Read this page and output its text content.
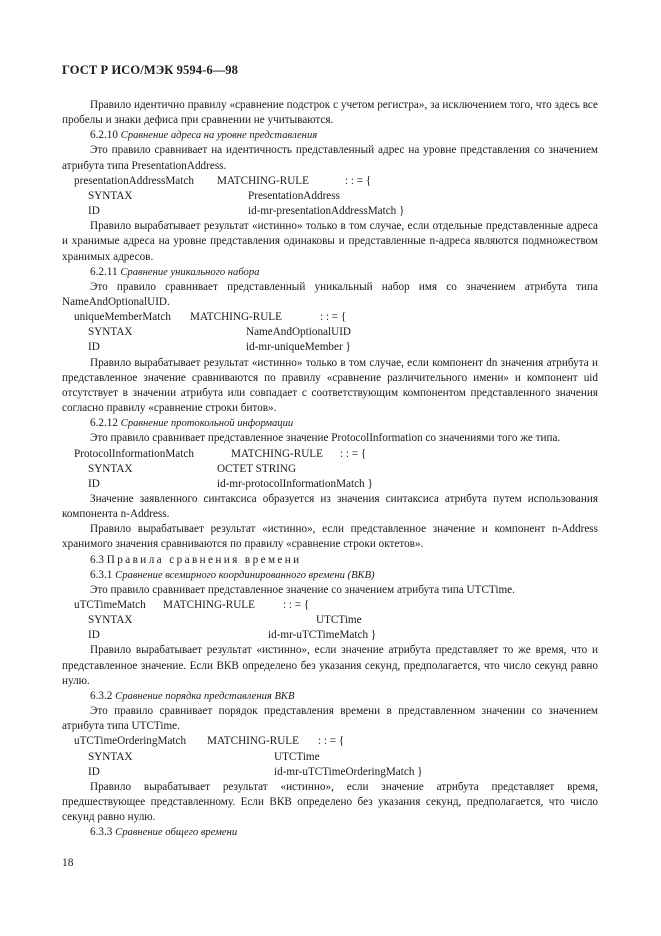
ГОСТ Р ИСО/МЭК 9594-6—98

Правило идентично правилу «сравнение подстрок с учетом регистра», за исключением того, что здесь все пробелы и знаки дефиса при сравнении не учитываются.

6.2.10 Сравнение адреса на уровне представления

Это правило сравнивает на идентичность представленный адрес на уровне представления со значением атрибута типа PresentationAddress.

presentationAddressMatch MATCHING-RULE	: : = {
SYNTAX	PresentationAddress
ID	id-mr-presentationAddressMatch }

Правило вырабатывает результат «истинно» только в том случае, если отдельные представленные адреса и хранимые адреса на уровне представления одинаковы и представленные n-адреса являются подмножеством хранимых адресов.

6.2.11 Сравнение уникального набора

Это правило сравнивает представленный уникальный набор имя со значением атрибута типа NameAndOptionalUID.

uniqueMemberMatch MATCHING-RULE	: : = {
SYNTAX	NameAndOptionalUID
ID	id-mr-uniqueMember }

Правило вырабатывает результат «истинно» только в том случае, если компонент dn значения атрибута и представленное значение сравниваются по правилу «сравнение различительного имени» и компонент uid отсутствует в значении атрибута или совпадает с соответствующим компонентом представленного значения согласно правилу «сравнение строки битов».

6.2.12 Сравнение протокольной информации

Это правило сравнивает представленное значение ProtocolInformation со значениями того же типа.

ProtocolInformationMatch	MATCHING-RULE : : = {
SYNTAX	OCTET STRING
ID	id-mr-protocolInformationMatch }

Значение заявленного синтаксиса образуется из значения синтаксиса атрибута путем использования компонента n-Address.

Правило вырабатывает результат «истинно», если представленное значение и компонент n-Address хранимого значения сравниваются по правилу «сравнение строки октетов».

6.3 Правила сравнения времени

6.3.1 Сравнение всемирного координированного времени (ВКВ)

Это правило сравнивает представленное значение со значением атрибута типа UTCTime.

uTCTimeMatch MATCHING-RULE	: : = {
SYNTAX	UTCTime
ID	id-mr-uTCTimeMatch }

Правило вырабатывает результат «истинно», если значение атрибута представляет то же время, что и представленное значение. Если ВКВ определено без указания секунд, предполагается, что число секунд равно нулю.

6.3.2 Сравнение порядка представления ВКВ

Это правило сравнивает порядок представления времени в представленном значении со значением атрибута типа UTCTime.

uTCTimeOrderingMatch MATCHING-RULE : : = {
SYNTAX	UTCTime
ID	id-mr-uTCTimeOrderingMatch }

Правило вырабатывает результат «истинно», если значение атрибута представляет время, предшествующее представленному. Если ВКВ определено без указания секунд, предполагается, что число секунд равно нулю.

6.3.3 Сравнение общего времени

18
